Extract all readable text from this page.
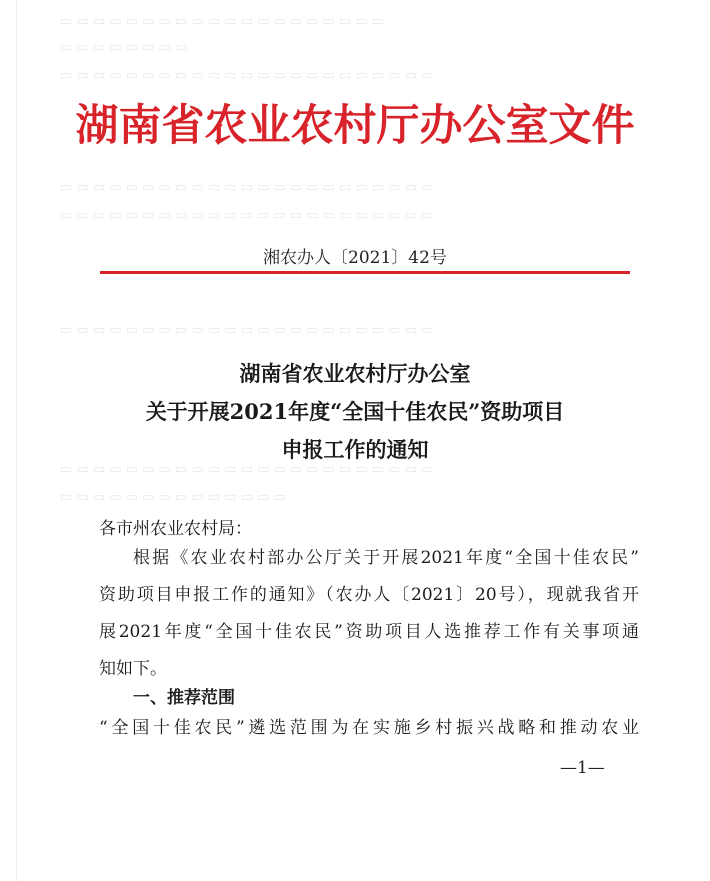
▭ ▭ ▭ ▭ ▭ ▭ ▭ ▭ ▭ ▭ ▭ ▭ ▭ ▭ ▭ ▭ ▭ ▭ ▭ ▭
▭ ▭ ▭ ▭ ▭ ▭ ▭ ▭
▭ ▭ ▭ ▭ ▭ ▭ ▭ ▭ ▭ ▭ ▭ ▭ ▭ ▭ ▭ ▭ ▭ ▭ ▭ ▭ ▭ ▭ ▭
▭ ▭ ▭ ▭ ▭ ▭ ▭ ▭ ▭ ▭ ▭ ▭ ▭ ▭ ▭ ▭ ▭ ▭ ▭ ▭ ▭ ▭ ▭
▭ ▭ ▭ ▭ ▭ ▭ ▭ ▭ ▭ ▭ ▭ ▭ ▭ ▭ ▭ ▭ ▭ ▭ ▭ ▭ ▭ ▭ ▭
▭ ▭ ▭ ▭ ▭ ▭ ▭ ▭ ▭ ▭ ▭ ▭ ▭ ▭ ▭ ▭ ▭ ▭ ▭ ▭ ▭ ▭ ▭
▭ ▭ ▭ ▭ ▭ ▭ ▭ ▭ ▭ ▭ ▭ ▭ ▭ ▭ ▭ ▭ ▭ ▭ ▭ ▭ ▭ ▭ ▭
▭ ▭ ▭ ▭ ▭ ▭ ▭ ▭ ▭ ▭ ▭ ▭ ▭ ▭
湖南省农业农村厅办公室文件
湘农办人〔2021〕42号
湖南省农业农村厅办公室
关于开展2021年度“全国十佳农民”资助项目
申报工作的通知
各市州农业农村局：
根据《农业农村部办公厅关于开展2021年度“全国十佳农民”
资助项目申报工作的通知》（农办人〔2021〕20号），现就我省开
展2021年度“全国十佳农民”资助项目人选推荐工作有关事项通
知如下。
一、推荐范围
“全国十佳农民”遴选范围为在实施乡村振兴战略和推动农业
—1—
